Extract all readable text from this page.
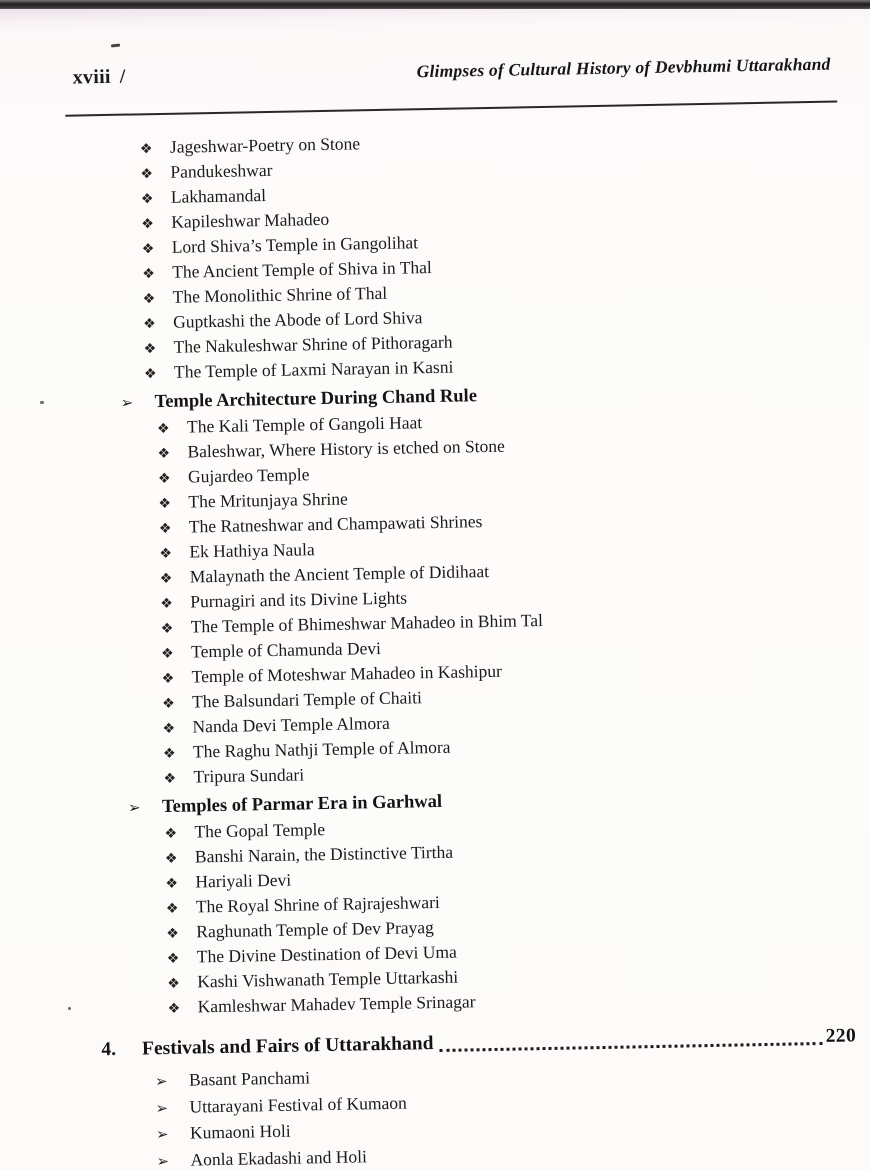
xviii /	Glimpses of Cultural History of Devbhumi Uttarakhand
❖ Jageshwar-Poetry on Stone
❖ Pandukeshwar
❖ Lakhamandal
❖ Kapileshwar Mahadeo
❖ Lord Shiva’s Temple in Gangolihat
❖ The Ancient Temple of Shiva in Thal
❖ The Monolithic Shrine of Thal
❖ Guptkashi the Abode of Lord Shiva
❖ The Nakuleshwar Shrine of Pithoragarh
❖ The Temple of Laxmi Narayan in Kasni
➢ Temple Architecture During Chand Rule
❖ The Kali Temple of Gangoli Haat
❖ Baleshwar, Where History is etched on Stone
❖ Gujardeo Temple
❖ The Mritunjaya Shrine
❖ The Ratneshwar and Champawati Shrines
❖ Ek Hathiya Naula
❖ Malaynath the Ancient Temple of Didihaat
❖ Purnagiri and its Divine Lights
❖ The Temple of Bhimeshwar Mahadeo in Bhim Tal
❖ Temple of Chamunda Devi
❖ Temple of Moteshwar Mahadeo in Kashipur
❖ The Balsundari Temple of Chaiti
❖ Nanda Devi Temple Almora
❖ The Raghu Nathji Temple of Almora
❖ Tripura Sundari
➢ Temples of Parmar Era in Garhwal
❖ The Gopal Temple
❖ Banshi Narain, the Distinctive Tirtha
❖ Hariyali Devi
❖ The Royal Shrine of Rajrajeshwari
❖ Raghunath Temple of Dev Prayag
❖ The Divine Destination of Devi Uma
❖ Kashi Vishwanath Temple Uttarkashi
❖ Kamleshwar Mahadev Temple Srinagar
4. Festivals and Fairs of Uttarakhand	220
➢ Basant Panchami
➢ Uttarayani Festival of Kumaon
➢ Kumaoni Holi
➢ Aonla Ekadashi and Holi
